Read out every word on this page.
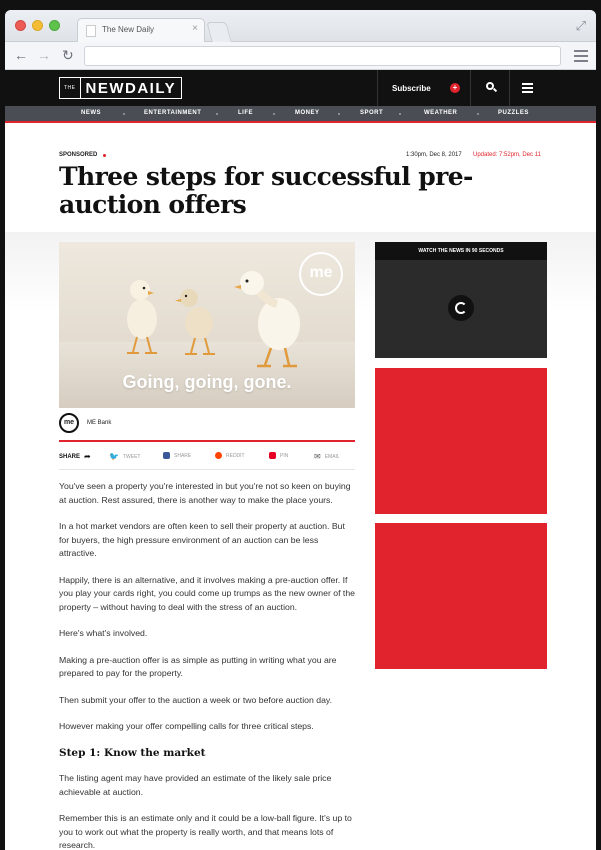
The New Daily	×	⤢
← → ↻
THE NEWDAILY	Subscribe	+
NEWS	ENTERTAINMENT	LIFE	MONEY	SPORT	WEATHER	PUZZLES
SPONSORED	1:30pm, Dec 8, 2017 Updated: 7:52pm, Dec 11
Three steps for successful pre-auction offers
me
Going, going, gone.
me	ME Bank
SHARE ➦ 🐦 TWEET	SHARE	REDDIT	PIN	✉ EMAIL

You've seen a property you're interested in but you're not so keen on buying at auction. Rest assured, there is another way to make the place yours.

In a hot market vendors are often keen to sell their property at auction. But for buyers, the high pressure environment of an auction can be less attractive.

Happily, there is an alternative, and it involves making a pre-auction offer. If you play your cards right, you could come up trumps as the new owner of the property – without having to deal with the stress of an auction.

Here's what's involved.

Making a pre-auction offer is as simple as putting in writing what you are prepared to pay for the property.

Then submit your offer to the auction a week or two before auction day.

However making your offer compelling calls for three critical steps.

Step 1: Know the market

The listing agent may have provided an estimate of the likely sale price achievable at auction.

Remember this is an estimate only and it could be a low-ball figure. It's up to you to work out what the property is really worth, and that means lots of research.

WATCH THE NEWS IN 90 SECONDS
